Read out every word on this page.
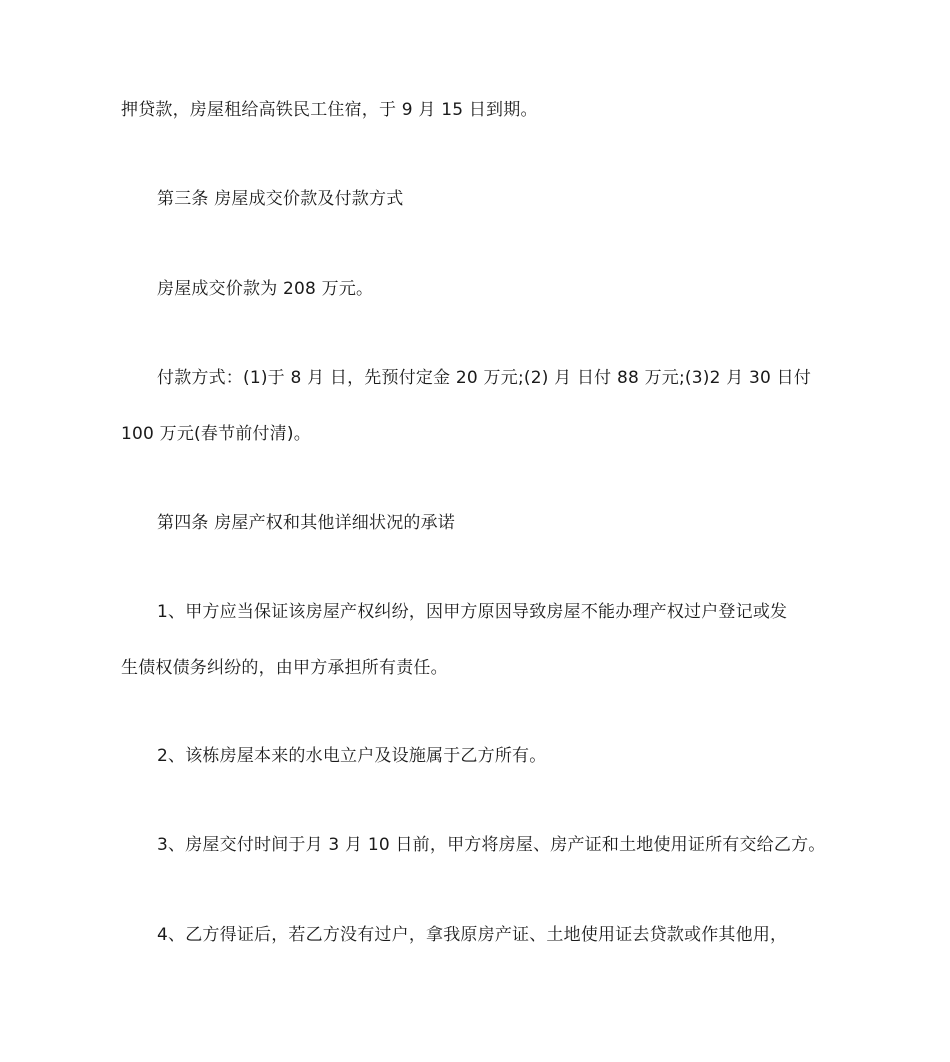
押贷款，房屋租给高铁民工住宿，于 9 月 15 日到期。
第三条 房屋成交价款及付款方式
房屋成交价款为 208 万元。
付款方式：(1)于 8 月 日，先预付定金 20 万元;(2) 月 日付 88 万元;(3)2 月 30 日付
100 万元(春节前付清)。
第四条 房屋产权和其他详细状况的承诺
1、甲方应当保证该房屋产权纠纷，因甲方原因导致房屋不能办理产权过户登记或发
生债权债务纠纷的，由甲方承担所有责任。
2、该栋房屋本来的水电立户及设施属于乙方所有。
3、房屋交付时间于月 3 月 10 日前，甲方将房屋、房产证和土地使用证所有交给乙方。
4、乙方得证后，若乙方没有过户，拿我原房产证、土地使用证去贷款或作其他用，
